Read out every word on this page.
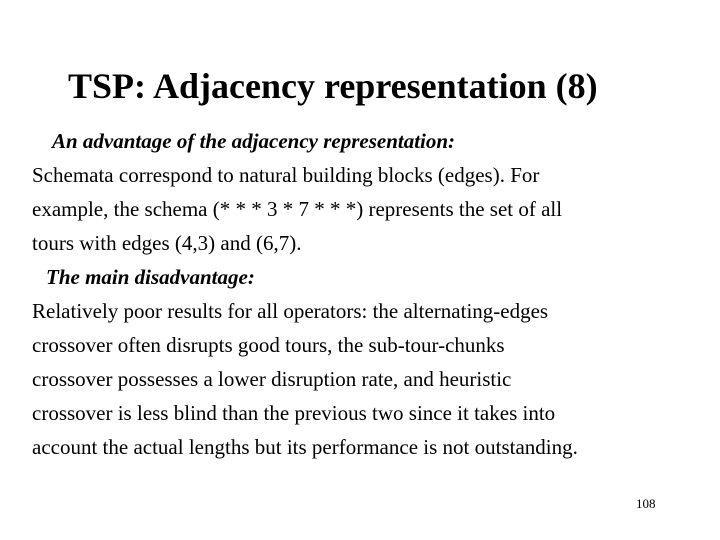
TSP: Adjacency representation (8)
An advantage of the adjacency representation:
Schemata correspond to natural building blocks (edges). For
example, the schema (* * * 3 * 7 * * *) represents the set of all
tours with edges (4,3) and (6,7).
The main disadvantage:
Relatively poor results for all operators: the alternating-edges
crossover often disrupts good tours, the sub-tour-chunks
crossover possesses a lower disruption rate, and heuristic
crossover is less blind than the previous two since it takes into
account the actual lengths but its performance is not outstanding.
108
